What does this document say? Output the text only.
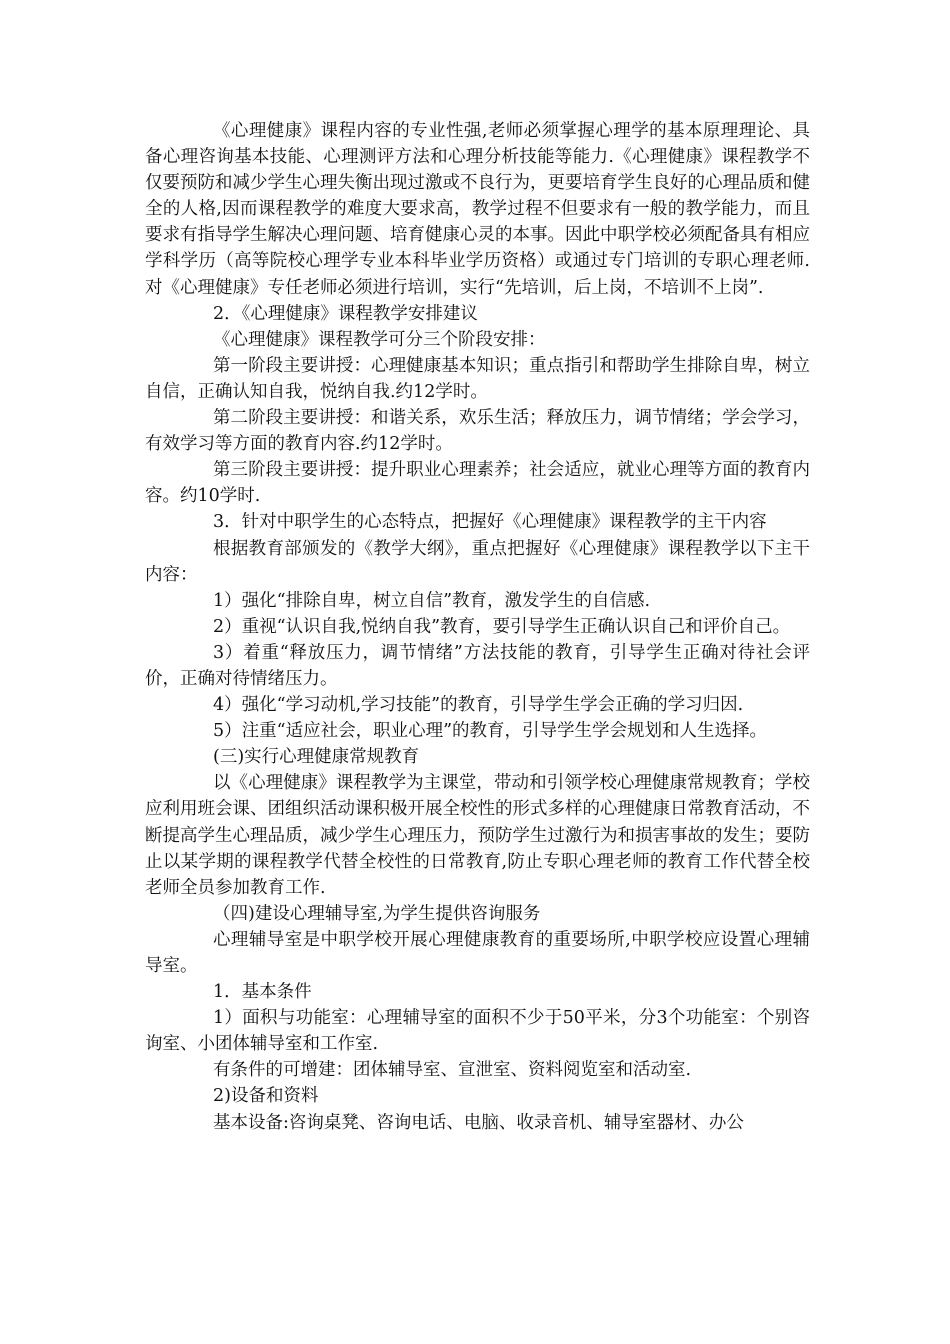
《心理健康》课程内容的专业性强,老师必须掌握心理学的基本原理理论、具备心理咨询基本技能、心理测评方法和心理分析技能等能力.《心理健康》课程教学不仅要预防和减少学生心理失衡出现过激或不良行为，更要培育学生良好的心理品质和健全的人格,因而课程教学的难度大要求高，教学过程不但要求有一般的教学能力，而且要求有指导学生解决心理问题、培育健康心灵的本事。因此中职学校必须配备具有相应学科学历（高等院校心理学专业本科毕业学历资格）或通过专门培训的专职心理老师.对《心理健康》专任老师必须进行培训，实行“先培训，后上岗，不培训不上岗”.

2．《心理健康》课程教学安排建议

《心理健康》课程教学可分三个阶段安排：

第一阶段主要讲授：心理健康基本知识；重点指引和帮助学生排除自卑，树立自信，正确认知自我，悦纳自我.约12学时。

第二阶段主要讲授：和谐关系，欢乐生活；释放压力，调节情绪；学会学习，有效学习等方面的教育内容.约12学时。

第三阶段主要讲授：提升职业心理素养；社会适应，就业心理等方面的教育内容。约10学时.

3．针对中职学生的心态特点，把握好《心理健康》课程教学的主干内容

根据教育部颁发的《教学大纲》，重点把握好《心理健康》课程教学以下主干内容：

1）强化“排除自卑，树立自信”教育，激发学生的自信感.

2）重视“认识自我,悦纳自我”教育，要引导学生正确认识自己和评价自己。

3）着重“释放压力，调节情绪”方法技能的教育，引导学生正确对待社会评价，正确对待情绪压力。

4）强化“学习动机,学习技能”的教育，引导学生学会正确的学习归因.

5）注重“适应社会，职业心理”的教育，引导学生学会规划和人生选择。

(三)实行心理健康常规教育

以《心理健康》课程教学为主课堂，带动和引领学校心理健康常规教育；学校应利用班会课、团组织活动课积极开展全校性的形式多样的心理健康日常教育活动，不断提高学生心理品质，减少学生心理压力，预防学生过激行为和损害事故的发生；要防止以某学期的课程教学代替全校性的日常教育,防止专职心理老师的教育工作代替全校老师全员参加教育工作.

（四)建设心理辅导室,为学生提供咨询服务

心理辅导室是中职学校开展心理健康教育的重要场所,中职学校应设置心理辅导室。

1．基本条件

1）面积与功能室：心理辅导室的面积不少于50平米，分3个功能室：个别咨询室、小团体辅导室和工作室.

有条件的可增建：团体辅导室、宣泄室、资料阅览室和活动室.

2)设备和资料

基本设备:咨询桌凳、咨询电话、电脑、收录音机、辅导室器材、办公
